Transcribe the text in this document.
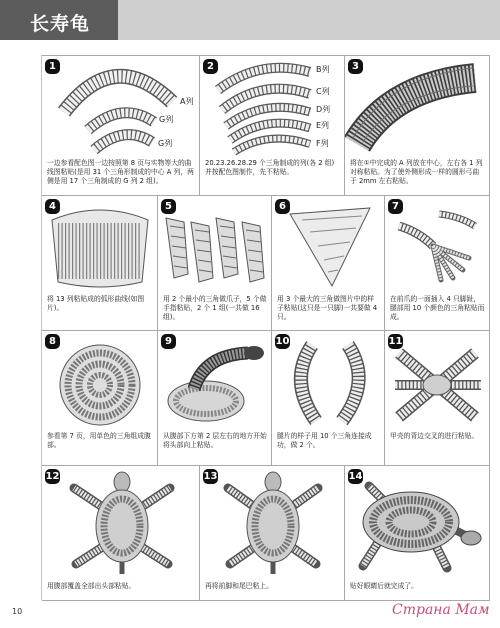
长寿龟
A列
G列
G列
1
一边参看配色图一边按照第 8 页与实物等大的曲线图粘贴(是用 31 个三角形制成的中心 A 列，两侧是用 17 个三角制成的 G 列 2 组)。
B列
C列
D列
E列
F列
2
20.23.26.28.29 个三角制成的列(各 2 组)并按配色图制作，先不粘贴。
3
将在①中完成的 A 列放在中心，左右各 1 列对称粘贴。为了使外侧形成一样的圆形弓曲于 2mm 左右粘贴。
4
将 13 列粘贴成的弧形曲线(如图片)。
5
用 2 个最小的三角做爪子，5 个做手指粘贴，2 个 1 组(一共做 16 组)。
6
用 3 个最大的三角做图片中的样子粘贴(这只是一只脚)一共要做 4 只。
7
在前爪的一面插入 4 只脚趾，腿部用 10 个颜色的三角粘贴而成。
8
参看第 7 页，用单色的三角组成腹部。
9
从腹部下方第 2 层左右的地方开始将头部向上粘贴。
10
腿片的样子用 10 个三角连接成功，做 2 个。
11
甲壳的背边交叉的进行粘贴。
12
用腹部覆盖全部出头部粘贴。
13
再将前脚和尾巴粘上。
14
贴好眼睛后就完成了。
10	Страна Мам
